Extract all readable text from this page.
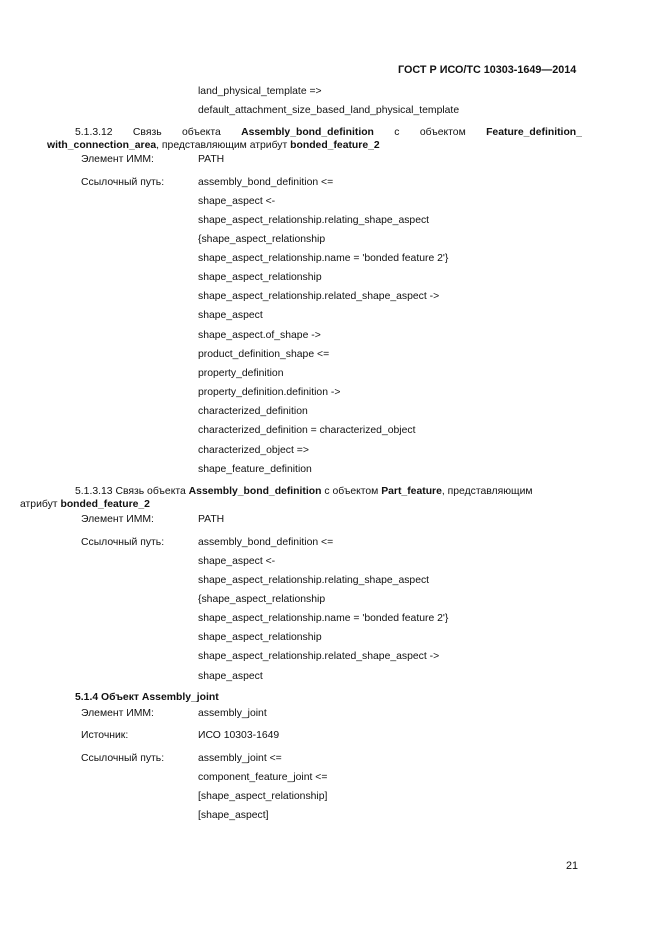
ГОСТ Р ИСО/ТС 10303-1649—2014
land_physical_template =>
default_attachment_size_based_land_physical_template
5.1.3.12 Связь объекта Assembly_bond_definition с объектом Feature_definition_
with_connection_area, представляющим атрибут bonded_feature_2
Элемент ИММ:	PATH
Ссылочный путь:	assembly_bond_definition <=
shape_aspect <-
shape_aspect_relationship.relating_shape_aspect
{shape_aspect_relationship
shape_aspect_relationship.name = 'bonded feature 2'}
shape_aspect_relationship
shape_aspect_relationship.related_shape_aspect ->
shape_aspect
shape_aspect.of_shape ->
product_definition_shape <=
property_definition
property_definition.definition ->
characterized_definition
characterized_definition = characterized_object
characterized_object =>
shape_feature_definition
5.1.3.13 Связь объекта Assembly_bond_definition с объектом Part_feature, представляющим
атрибут bonded_feature_2
Элемент ИММ:	PATH
Ссылочный путь:	assembly_bond_definition <=
shape_aspect <-
shape_aspect_relationship.relating_shape_aspect
{shape_aspect_relationship
shape_aspect_relationship.name = 'bonded feature 2'}
shape_aspect_relationship
shape_aspect_relationship.related_shape_aspect ->
shape_aspect
5.1.4 Объект Assembly_joint
Элемент ИММ:	assembly_joint
Источник:	ИСО 10303-1649
Ссылочный путь:	assembly_joint <=
component_feature_joint <=
[shape_aspect_relationship]
[shape_aspect]
21
